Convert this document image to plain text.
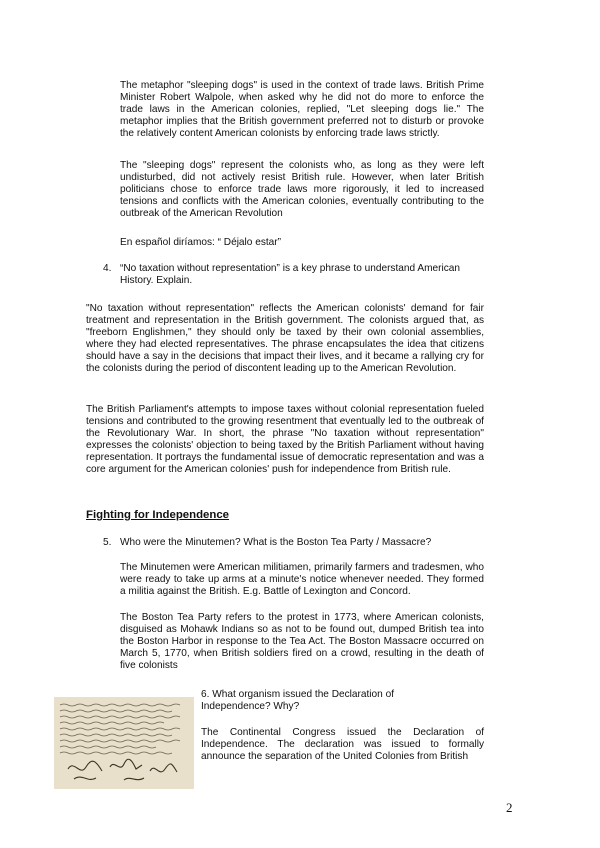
The metaphor "sleeping dogs" is used in the context of trade laws. British Prime Minister Robert Walpole, when asked why he did not do more to enforce the trade laws in the American colonies, replied, "Let sleeping dogs lie." The metaphor implies that the British government preferred not to disturb or provoke the relatively content American colonists by enforcing trade laws strictly.

The "sleeping dogs" represent the colonists who, as long as they were left undisturbed, did not actively resist British rule. However, when later British politicians chose to enforce trade laws more rigorously, it led to increased tensions and conflicts with the American colonies, eventually contributing to the outbreak of the American Revolution

En español diríamos: “ Déjalo estar”

4. “No taxation without representation” is a key phrase to understand American History. Explain.

"No taxation without representation" reflects the American colonists' demand for fair treatment and representation in the British government. The colonists argued that, as "freeborn Englishmen," they should only be taxed by their own colonial assemblies, where they had elected representatives. The phrase encapsulates the idea that citizens should have a say in the decisions that impact their lives, and it became a rallying cry for the colonists during the period of discontent leading up to the American Revolution.

The British Parliament's attempts to impose taxes without colonial representation fueled tensions and contributed to the growing resentment that eventually led to the outbreak of the Revolutionary War. In short, the phrase "No taxation without representation" expresses the colonists' objection to being taxed by the British Parliament without having representation. It portrays the fundamental issue of democratic representation and was a core argument for the American colonies' push for independence from British rule.

Fighting for Independence
5. Who were the Minutemen? What is the Boston Tea Party / Massacre?

The Minutemen were American militiamen, primarily farmers and tradesmen, who were ready to take up arms at a minute's notice whenever needed. They formed a militia against the British. E.g. Battle of Lexington and Concord.

The Boston Tea Party refers to the protest in 1773, where American colonists, disguised as Mohawk Indians so as not to be found out, dumped British tea into the Boston Harbor in response to the Tea Act. The Boston Massacre occurred on March 5, 1770, when British soldiers fired on a crowd, resulting in the death of five colonists

6. What organism issued the Declaration of Independence? Why?

The Continental Congress issued the Declaration of Independence. The declaration was issued to formally announce the separation of the United Colonies from British

2
